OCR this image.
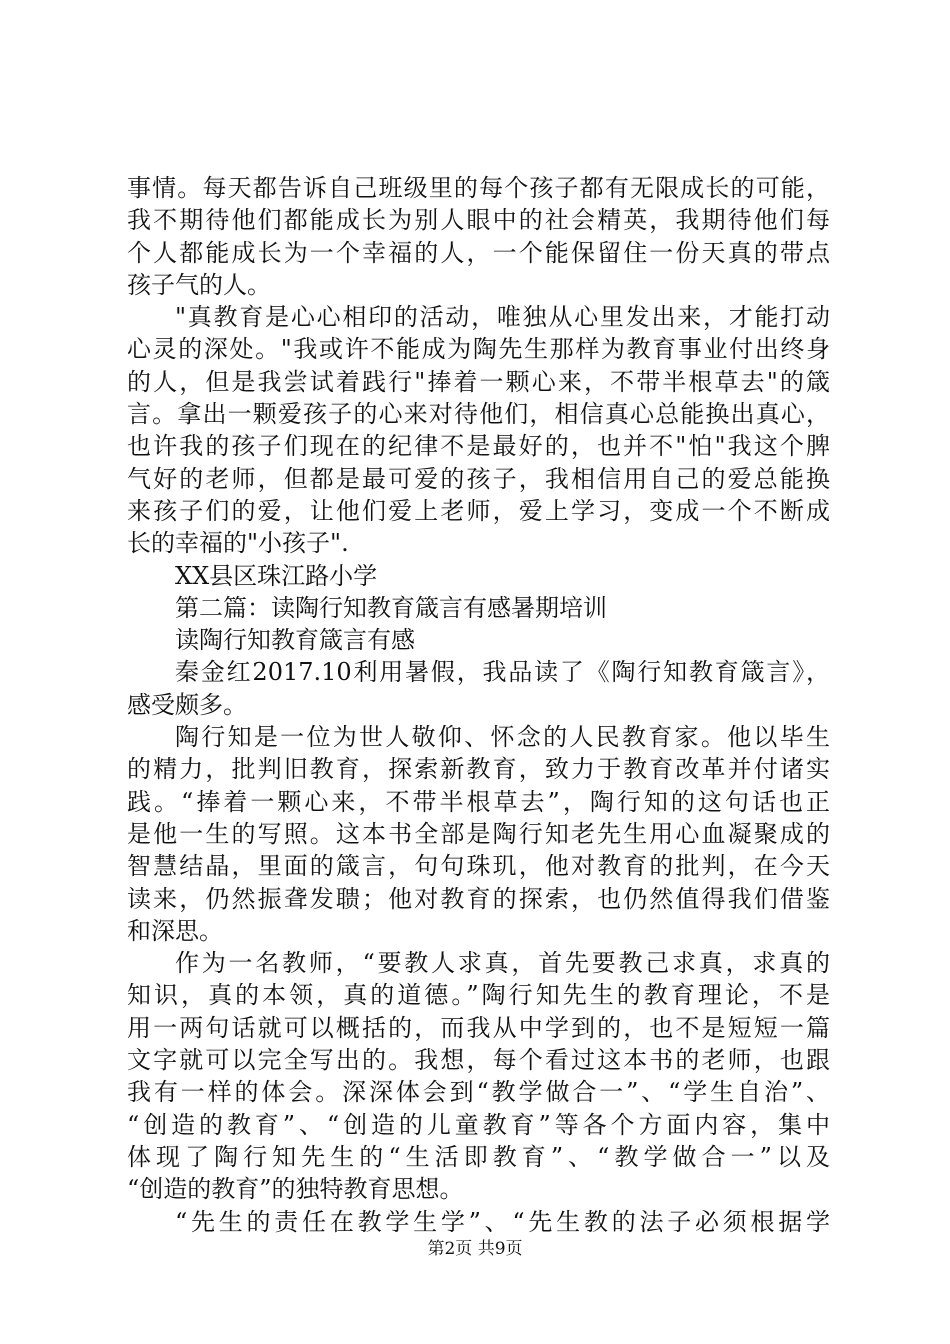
事情。每天都告诉自己班级里的每个孩子都有无限成长的可能，
我不期待他们都能成长为别人眼中的社会精英，我期待他们每
个人都能成长为一个幸福的人，一个能保留住一份天真的带点
孩子气的人。
"真教育是心心相印的活动，唯独从心里发出来，才能打动
心灵的深处。"我或许不能成为陶先生那样为教育事业付出终身
的人，但是我尝试着践行"捧着一颗心来，不带半根草去"的箴
言。拿出一颗爱孩子的心来对待他们，相信真心总能换出真心，
也许我的孩子们现在的纪律不是最好的，也并不"怕"我这个脾
气好的老师，但都是最可爱的孩子，我相信用自己的爱总能换
来孩子们的爱，让他们爱上老师，爱上学习，变成一个不断成
长的幸福的"小孩子".
XX县区珠江路小学
第二篇：读陶行知教育箴言有感暑期培训
读陶行知教育箴言有感
秦金红2017.10利用暑假，我品读了《陶行知教育箴言》，
感受颇多。
陶行知是一位为世人敬仰、怀念的人民教育家。他以毕生
的精力，批判旧教育，探索新教育，致力于教育改革并付诸实
践。“捧着一颗心来，不带半根草去”，陶行知的这句话也正
是他一生的写照。这本书全部是陶行知老先生用心血凝聚成的
智慧结晶，里面的箴言，句句珠玑，他对教育的批判，在今天
读来，仍然振聋发聩；他对教育的探索，也仍然值得我们借鉴
和深思。
作为一名教师，“要教人求真，首先要教己求真，求真的
知识，真的本领，真的道德。”陶行知先生的教育理论，不是
用一两句话就可以概括的，而我从中学到的，也不是短短一篇
文字就可以完全写出的。我想，每个看过这本书的老师，也跟
我有一样的体会。深深体会到“教学做合一”、“学生自治”、
“创造的教育”、“创造的儿童教育”等各个方面内容，集中
体现了陶行知先生的“生活即教育”、“教学做合一”以及
“创造的教育”的独特教育思想。
“先生的责任在教学生学”、“先生教的法子必须根据学
第2页 共9页
